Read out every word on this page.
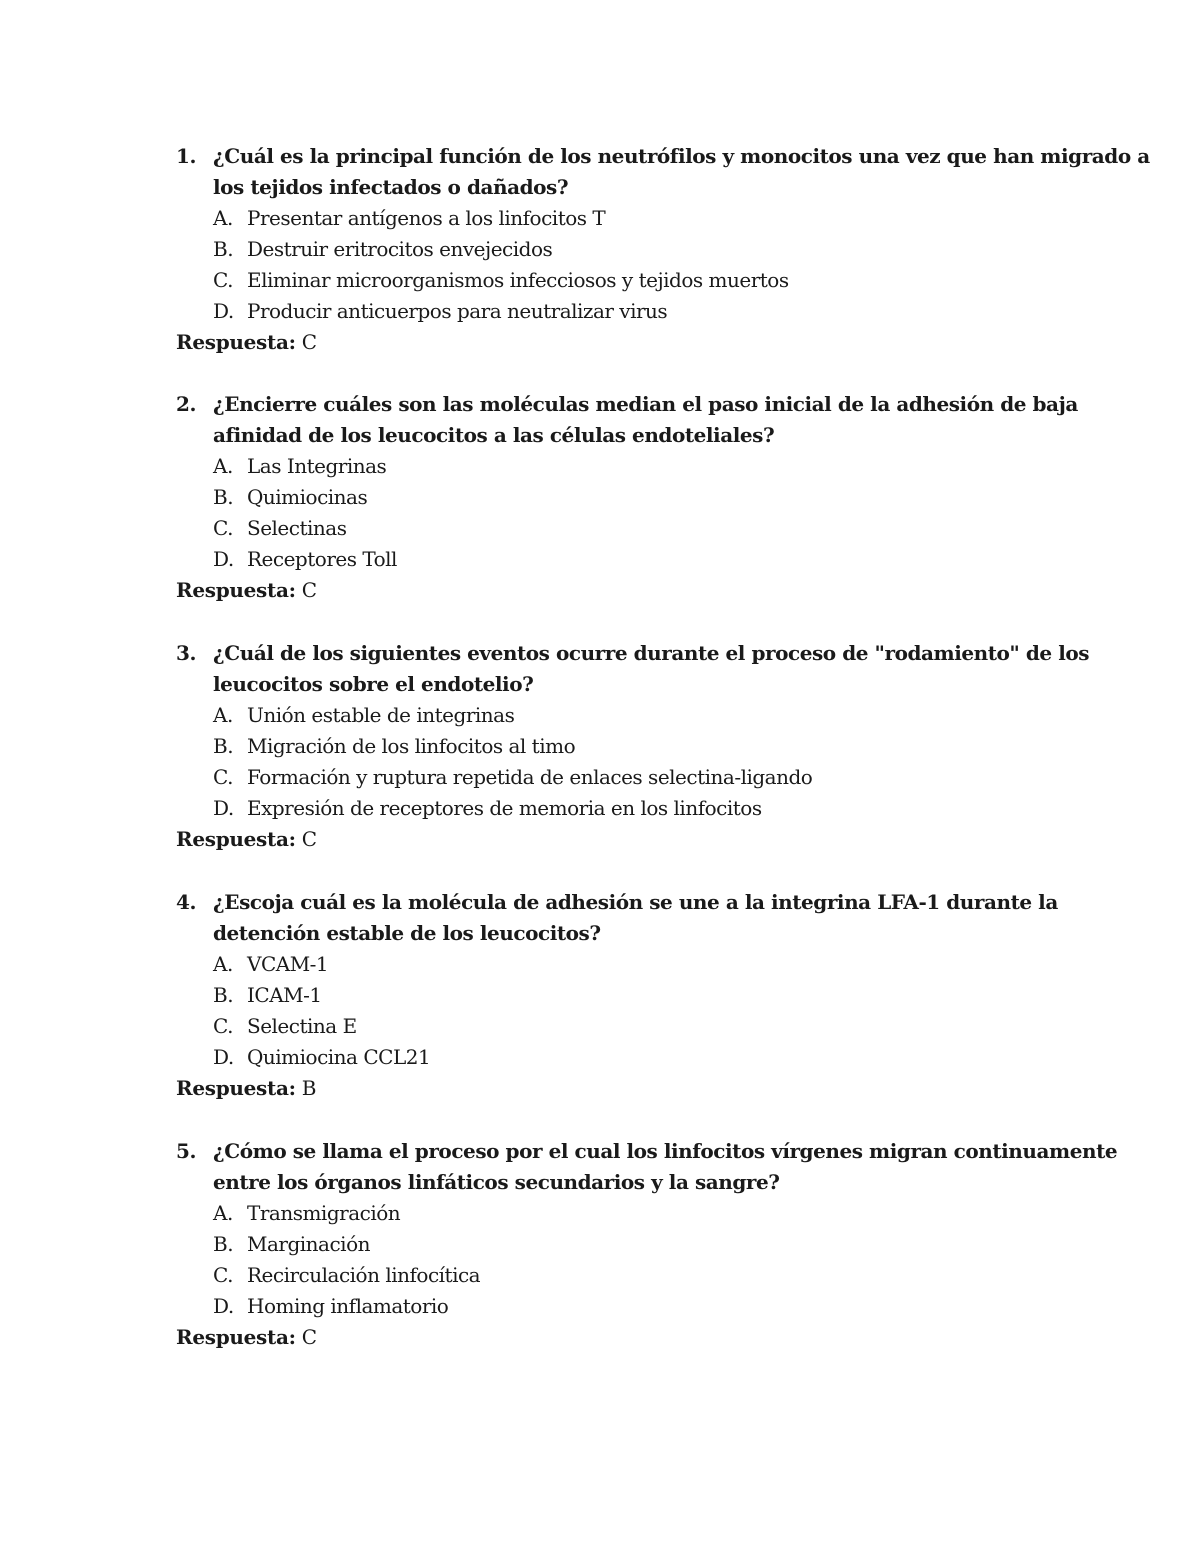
1. ¿Cuál es la principal función de los neutrófilos y monocitos una vez que han migrado a
los tejidos infectados o dañados?
A. Presentar antígenos a los linfocitos T
B. Destruir eritrocitos envejecidos
C. Eliminar microorganismos infecciosos y tejidos muertos
D. Producir anticuerpos para neutralizar virus
Respuesta: C
2. ¿Encierre cuáles son las moléculas median el paso inicial de la adhesión de baja
afinidad de los leucocitos a las células endoteliales?
A. Las Integrinas
B. Quimiocinas
C. Selectinas
D. Receptores Toll
Respuesta: C
3. ¿Cuál de los siguientes eventos ocurre durante el proceso de "rodamiento" de los
leucocitos sobre el endotelio?
A. Unión estable de integrinas
B. Migración de los linfocitos al timo
C. Formación y ruptura repetida de enlaces selectina-ligando
D. Expresión de receptores de memoria en los linfocitos
Respuesta: C
4. ¿Escoja cuál es la molécula de adhesión se une a la integrina LFA-1 durante la
detención estable de los leucocitos?
A. VCAM-1
B. ICAM-1
C. Selectina E
D. Quimiocina CCL21
Respuesta: B
5. ¿Cómo se llama el proceso por el cual los linfocitos vírgenes migran continuamente
entre los órganos linfáticos secundarios y la sangre?
A. Transmigración
B. Marginación
C. Recirculación linfocítica
D. Homing inflamatorio
Respuesta: C
